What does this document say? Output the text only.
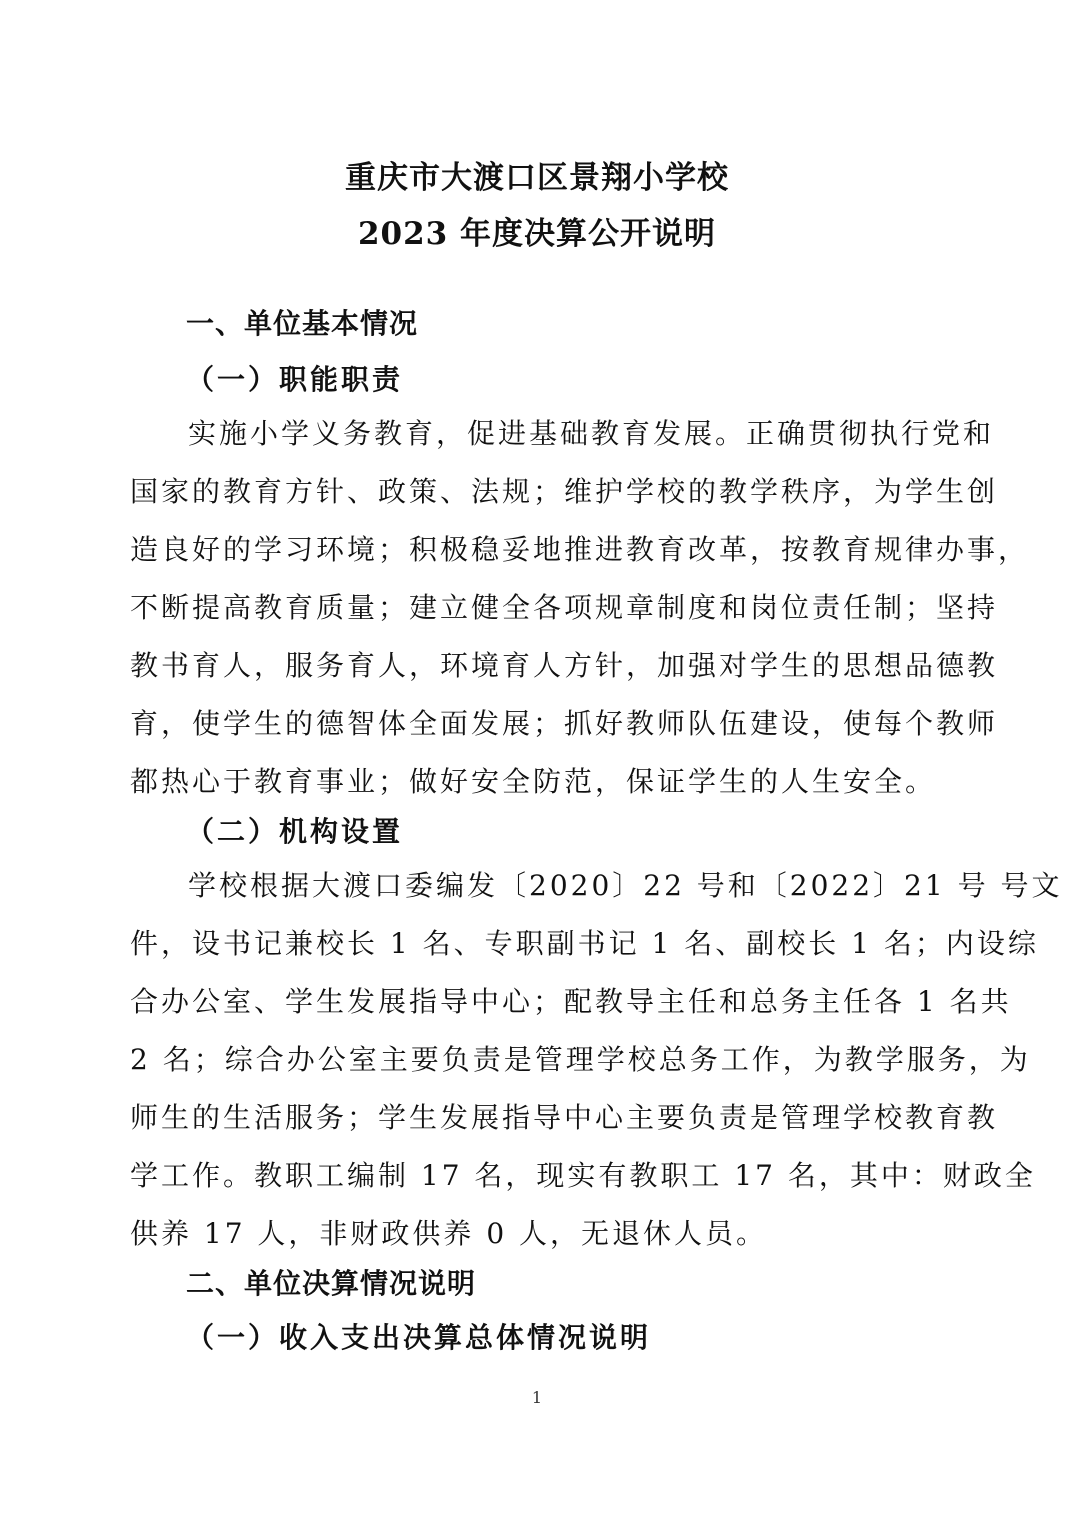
重庆市大渡口区景翔小学校
2023 年度决算公开说明
一、单位基本情况
（一）职能职责
实施小学义务教育，促进基础教育发展。正确贯彻执行党和
国家的教育方针、政策、法规；维护学校的教学秩序，为学生创
造良好的学习环境；积极稳妥地推进教育改革，按教育规律办事，
不断提高教育质量；建立健全各项规章制度和岗位责任制；坚持
教书育人，服务育人，环境育人方针，加强对学生的思想品德教
育，使学生的德智体全面发展；抓好教师队伍建设，使每个教师
都热心于教育事业；做好安全防范，保证学生的人生安全。
（二）机构设置
学校根据大渡口委编发〔2020〕22 号和〔2022〕21 号 号文
件，设书记兼校长 1 名、专职副书记 1 名、副校长 1 名；内设综
合办公室、学生发展指导中心；配教导主任和总务主任各 1 名共
2 名；综合办公室主要负责是管理学校总务工作，为教学服务，为
师生的生活服务；学生发展指导中心主要负责是管理学校教育教
学工作。教职工编制 17 名，现实有教职工 17 名，其中：财政全
供养 17 人，非财政供养 0 人，无退休人员。
二、单位决算情况说明
（一）收入支出决算总体情况说明
1
